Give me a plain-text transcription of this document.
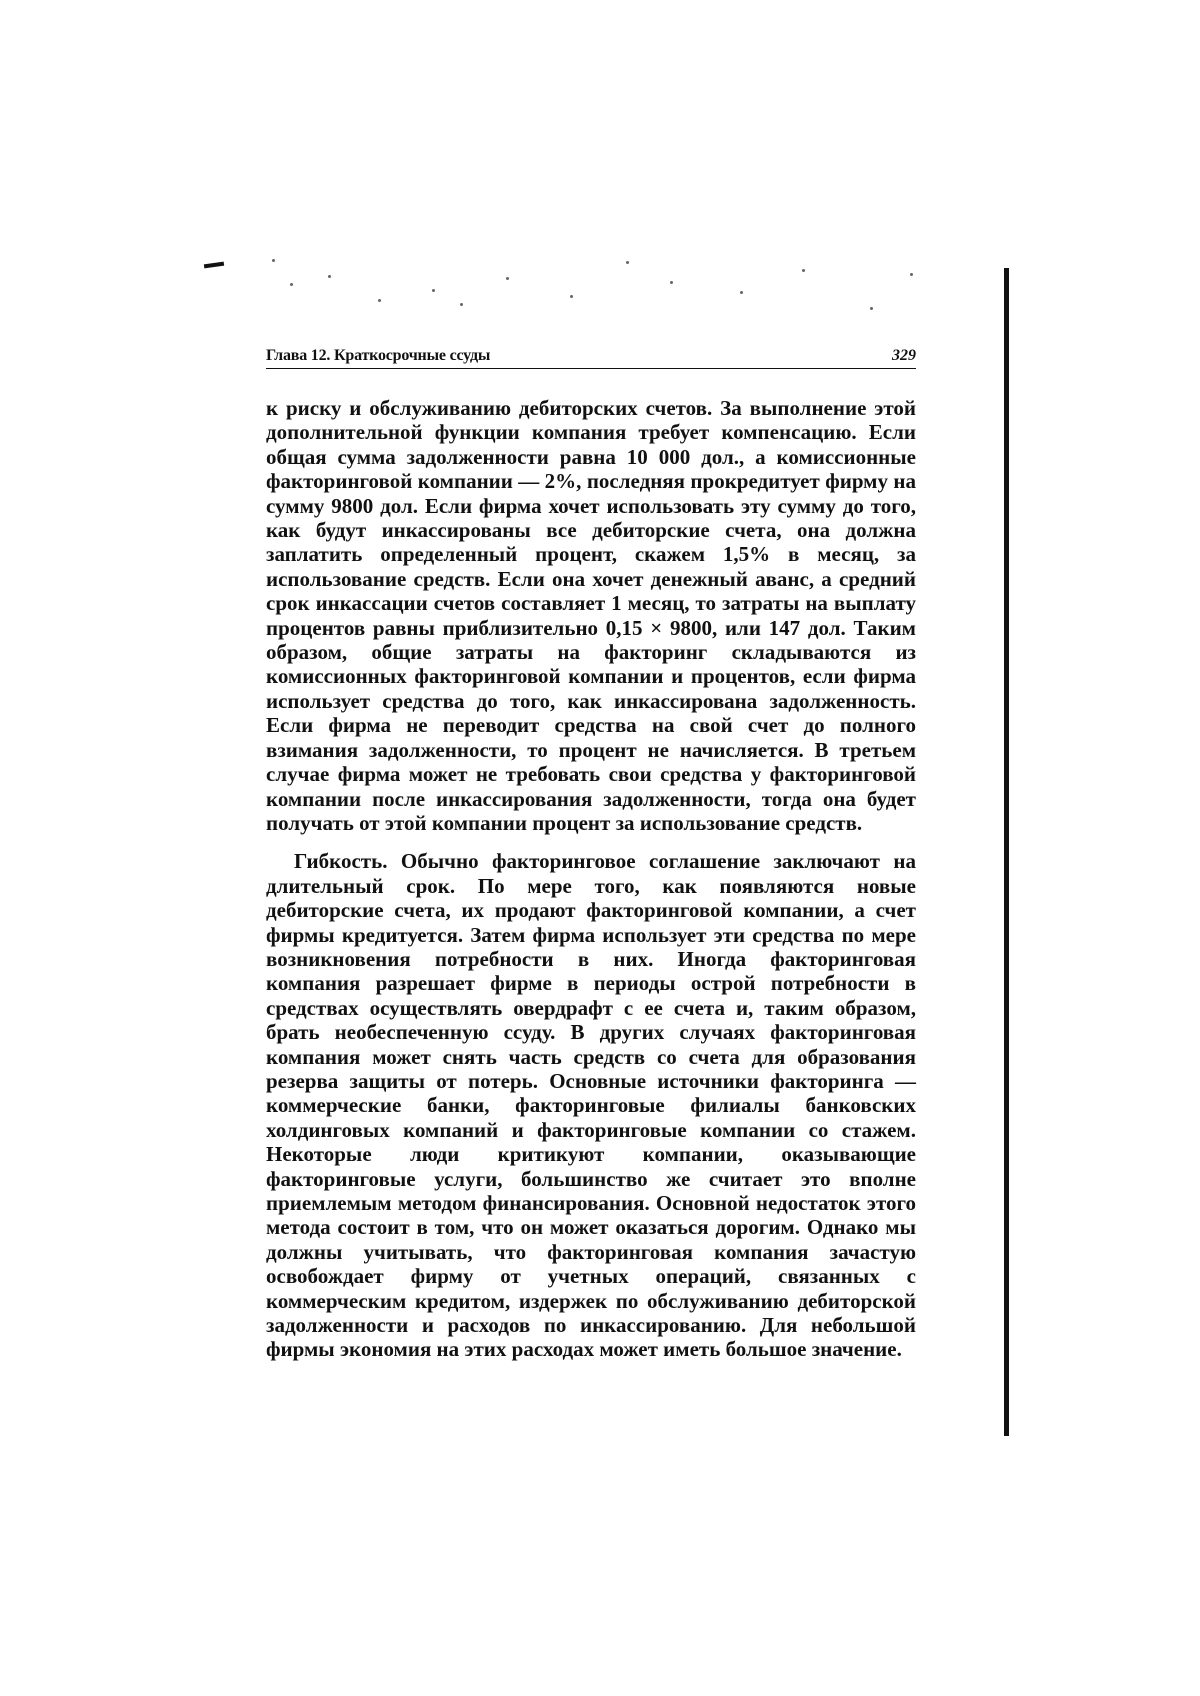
Глава 12. Краткосрочные ссуды	329

к риску и обслуживанию дебиторских счетов. За выполнение этой дополнительной функции компания требует компенсацию. Если общая сумма задолженности равна 10 000 дол., а комиссионные факторинговой компании — 2%, последняя прокредитует фирму на сумму 9800 дол. Если фирма хочет использовать эту сумму до того, как будут инкассированы все дебиторские счета, она должна заплатить определенный процент, скажем 1,5% в месяц, за использование средств. Если она хочет денежный аванс, а средний срок инкассации счетов составляет 1 месяц, то затраты на выплату процентов равны приблизительно 0,15 × 9800, или 147 дол. Таким образом, общие затраты на факторинг складываются из комиссионных факторинговой компании и процентов, если фирма использует средства до того, как инкассирована задолженность. Если фирма не переводит средства на свой счет до полного взимания задолженности, то процент не начисляется. В третьем случае фирма может не требовать свои средства у факторинговой компании после инкассирования задолженности, тогда она будет получать от этой компании процент за использование средств.

Гибкость. Обычно факторинговое соглашение заключают на длительный срок. По мере того, как появляются новые дебиторские счета, их продают факторинговой компании, а счет фирмы кредитуется. Затем фирма использует эти средства по мере возникновения потребности в них. Иногда факторинговая компания разрешает фирме в периоды острой потребности в средствах осуществлять овердрафт с ее счета и, таким образом, брать необеспеченную ссуду. В других случаях факторинговая компания может снять часть средств со счета для образования резерва защиты от потерь. Основные источники факторинга — коммерческие банки, факторинговые филиалы банковских холдинговых компаний и факторинговые компании со стажем. Некоторые люди критикуют компании, оказывающие факторинговые услуги, большинство же считает это вполне приемлемым методом финансирования. Основной недостаток этого метода состоит в том, что он может оказаться дорогим. Однако мы должны учитывать, что факторинговая компания зачастую освобождает фирму от учетных операций, связанных с коммерческим кредитом, издержек по обслуживанию дебиторской задолженности и расходов по инкассированию. Для небольшой фирмы экономия на этих расходах может иметь большое значение.
